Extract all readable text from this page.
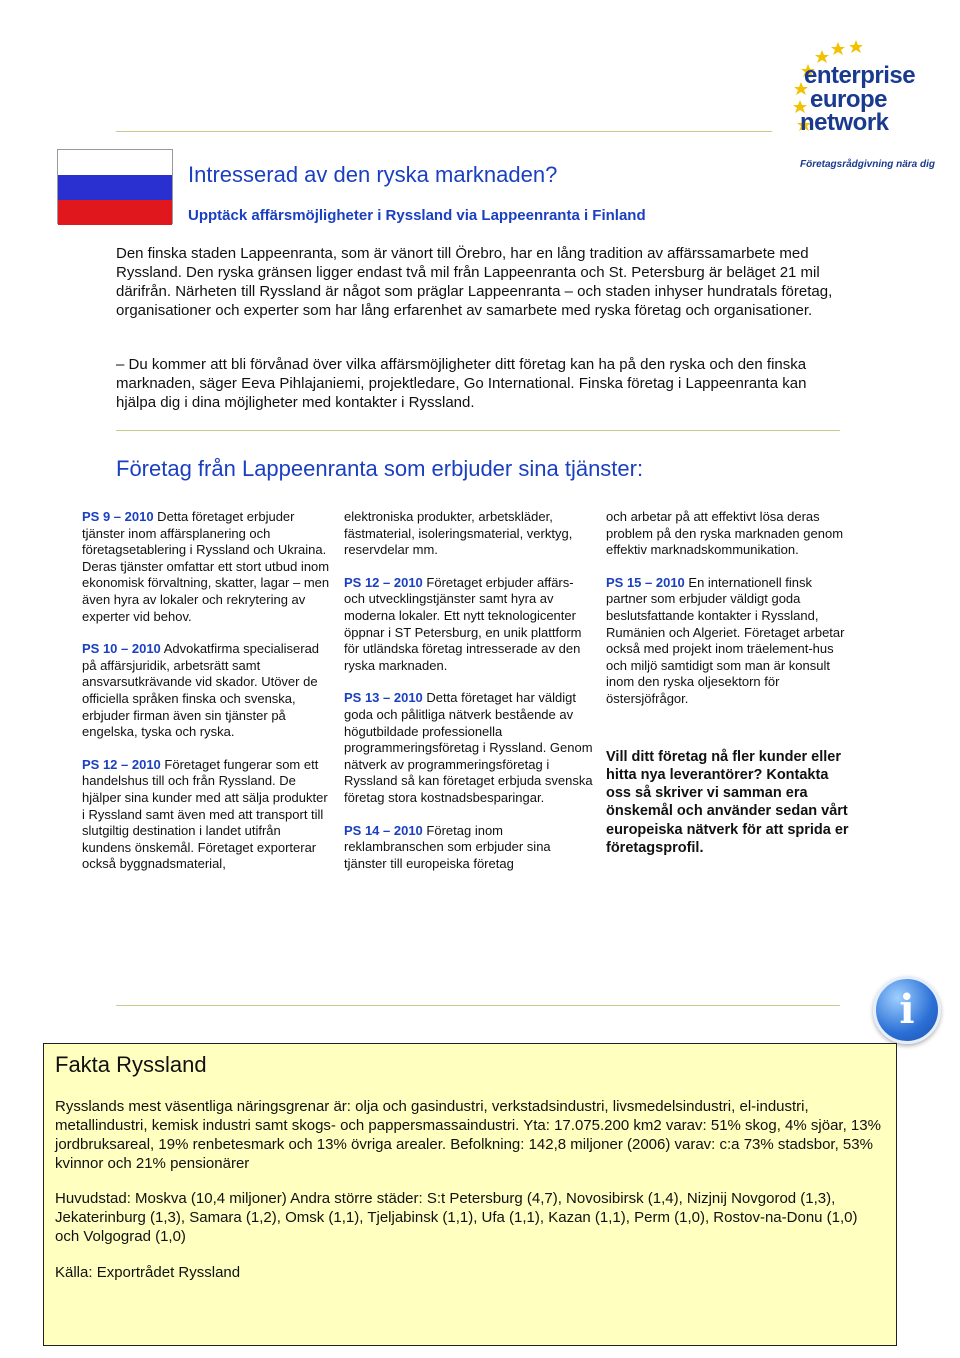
enterprise
europe
network
Företagsrådgivning nära dig
Intresserad av den ryska marknaden?
Upptäck affärsmöjligheter i Ryssland via Lappeenranta i Finland
Den finska staden Lappeenranta, som är vänort till Örebro, har en lång tradition av affärssamarbete med Ryssland. Den ryska gränsen ligger endast två mil från Lappeenranta och St. Petersburg är beläget 21 mil därifrån. Närheten till Ryssland är något som präglar Lappeenranta – och staden inhyser hundratals företag, organisationer och experter som har lång erfarenhet av samarbete med ryska företag och organisationer.
– Du kommer att bli förvånad över vilka affärsmöjligheter ditt företag kan ha på den ryska och den finska marknaden, säger Eeva Pihlajaniemi, projektledare, Go International. Finska företag i Lappeenranta kan hjälpa dig i dina möjligheter med kontakter i Ryssland.
Företag från Lappeenranta som erbjuder sina tjänster:

PS 9 – 2010 Detta företaget erbjuder tjänster inom affärsplanering och företagsetablering i Ryssland och Ukraina. Deras tjänster omfattar ett stort utbud inom ekonomisk förvaltning, skatter, lagar – men även hyra av lokaler och rekrytering av experter vid behov.

PS 10 – 2010 Advokatfirma specialiserad på affärsjuridik, arbetsrätt samt ansvarsutkrävande vid skador. Utöver de officiella språken finska och svenska, erbjuder firman även sin tjänster på engelska, tyska och ryska.

PS 12 – 2010 Företaget fungerar som ett handelshus till och från Ryssland. De hjälper sina kunder med att sälja produkter i Ryssland samt även med att transport till slutgiltig destination i landet utifrån kundens önskemål. Företaget exporterar också byggnadsmaterial,

elektroniska produkter, arbetskläder, fästmaterial, isoleringsmaterial, verktyg, reservdelar mm.

PS 12 – 2010 Företaget erbjuder affärs- och utvecklingstjänster samt hyra av moderna lokaler. Ett nytt teknologicenter öppnar i ST Petersburg, en unik plattform för utländska företag intresserade av den ryska marknaden.

PS 13 – 2010 Detta företaget har väldigt goda och pålitliga nätverk bestående av högutbildade professionella programmeringsföretag i Ryssland. Genom nätverk av programmeringsföretag i Ryssland så kan företaget erbjuda svenska företag stora kostnadsbesparingar.

PS 14 – 2010 Företag inom reklambranschen som erbjuder sina tjänster till europeiska företag

och arbetar på att effektivt lösa deras problem på den ryska marknaden genom effektiv marknadskommunikation.

PS 15 – 2010 En internationell finsk partner som erbjuder väldigt goda beslutsfattande kontakter i Ryssland, Rumänien och Algeriet. Företaget arbetar också med projekt inom träelement-hus och miljö samtidigt som man är konsult inom den ryska oljesektorn för östersjöfrågor.

Vill ditt företag nå fler kunder eller hitta nya leverantörer? Kontakta oss så skriver vi samman era önskemål och använder sedan vårt europeiska nätverk för att sprida er företagsprofil.

i
Fakta Ryssland
Rysslands mest väsentliga näringsgrenar är: olja och gasindustri, verkstadsindustri, livsmedelsindustri, el-industri, metallindustri, kemisk industri samt skogs- och pappersmassaindustri. Yta: 17.075.200 km2 varav: 51% skog, 4% sjöar, 13% jordbruksareal, 19% renbetesmark och 13% övriga arealer. Befolkning: 142,8 miljoner (2006) varav: c:a 73% stadsbor, 53% kvinnor och 21% pensionärer
Huvudstad: Moskva (10,4 miljoner) Andra större städer: S:t Petersburg (4,7), Novosibirsk (1,4), Nizjnij Novgorod (1,3), Jekaterinburg (1,3), Samara (1,2), Omsk (1,1), Tjeljabinsk (1,1), Ufa (1,1), Kazan (1,1), Perm (1,0), Rostov-na-Donu (1,0) och Volgograd (1,0)
Källa: Exportrådet Ryssland
